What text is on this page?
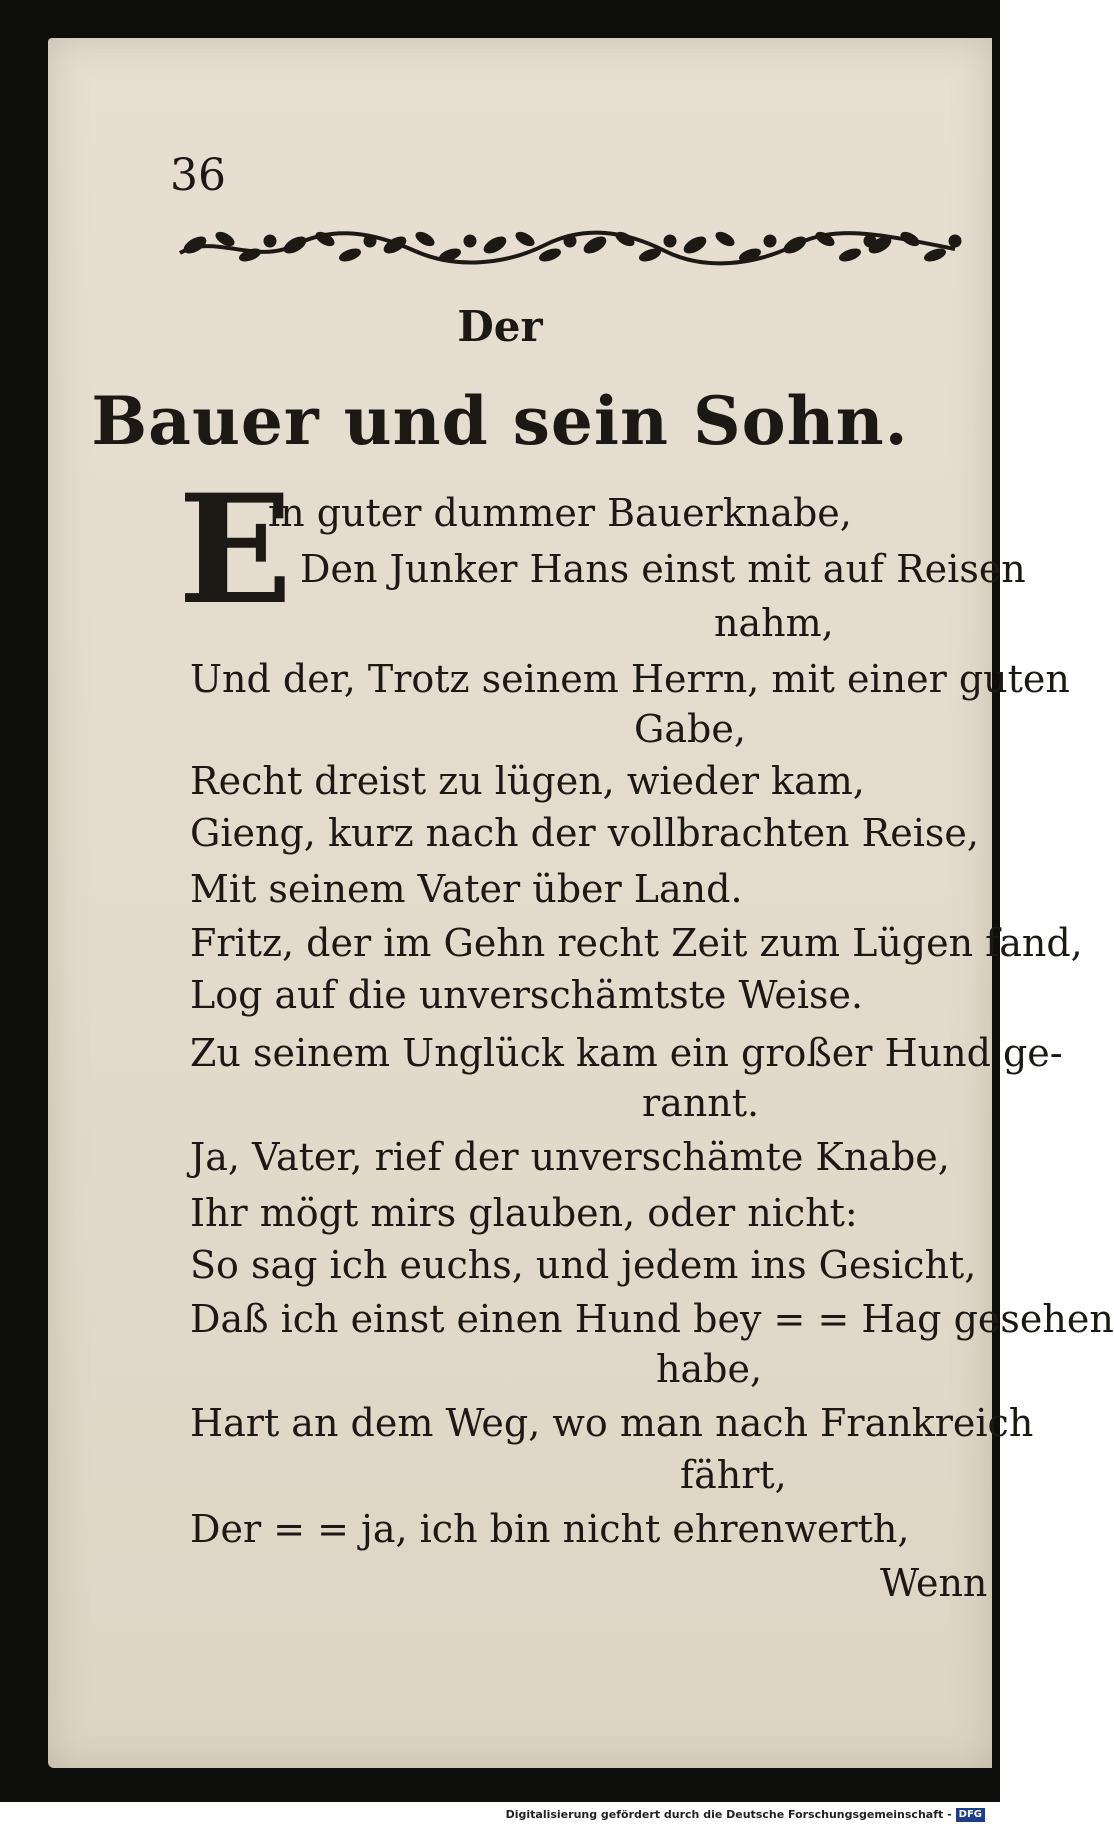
36
Der
Bauer und sein Sohn.
E
in guter dummer Bauerknabe,
Den Junker Hans einst mit auf Reisen
nahm,
Und der, Trotz seinem Herrn, mit einer guten
Gabe,
Recht dreist zu lügen, wieder kam,
Gieng, kurz nach der vollbrachten Reise,
Mit seinem Vater über Land.
Fritz, der im Gehn recht Zeit zum Lügen fand,
Log auf die unverschämtste Weise.
Zu seinem Unglück kam ein großer Hund ge-
rannt.
Ja, Vater, rief der unverschämte Knabe,
Ihr mögt mirs glauben, oder nicht:
So sag ich euchs, und jedem ins Gesicht,
Daß ich einst einen Hund bey = = Hag gesehen
habe,
Hart an dem Weg, wo man nach Frankreich
fährt,
Der = = ja, ich bin nicht ehrenwerth,
Wenn
Digitalisierung gefördert durch die Deutsche Forschungsgemeinschaft - DFG
